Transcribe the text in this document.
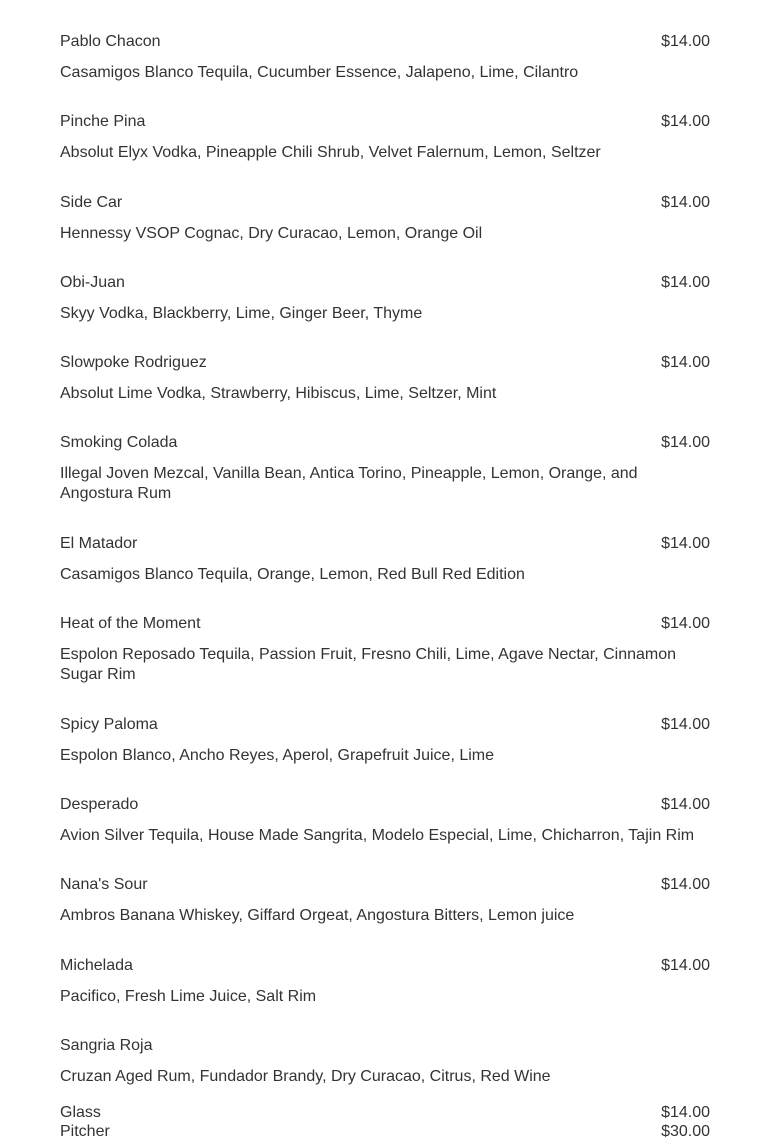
Pablo Chacon	$14.00
Casamigos Blanco Tequila, Cucumber Essence, Jalapeno, Lime, Cilantro
Pinche Pina	$14.00
Absolut Elyx Vodka, Pineapple Chili Shrub, Velvet Falernum, Lemon, Seltzer
Side Car	$14.00
Hennessy VSOP Cognac, Dry Curacao, Lemon, Orange Oil
Obi-Juan	$14.00
Skyy Vodka, Blackberry, Lime, Ginger Beer, Thyme
Slowpoke Rodriguez	$14.00
Absolut Lime Vodka, Strawberry, Hibiscus, Lime, Seltzer, Mint
Smoking Colada	$14.00
Illegal Joven Mezcal, Vanilla Bean, Antica Torino, Pineapple, Lemon, Orange, and Angostura Rum
El Matador	$14.00
Casamigos Blanco Tequila, Orange, Lemon, Red Bull Red Edition
Heat of the Moment	$14.00
Espolon Reposado Tequila, Passion Fruit, Fresno Chili, Lime, Agave Nectar, Cinnamon Sugar Rim
Spicy Paloma	$14.00
Espolon Blanco, Ancho Reyes, Aperol, Grapefruit Juice, Lime
Desperado	$14.00
Avion Silver Tequila, House Made Sangrita, Modelo Especial, Lime, Chicharron, Tajin Rim
Nana's Sour	$14.00
Ambros Banana Whiskey, Giffard Orgeat, Angostura Bitters, Lemon juice
Michelada	$14.00
Pacifico, Fresh Lime Juice, Salt Rim
Sangria Roja
Cruzan Aged Rum, Fundador Brandy, Dry Curacao, Citrus, Red Wine
Glass	$14.00
Pitcher	$30.00
